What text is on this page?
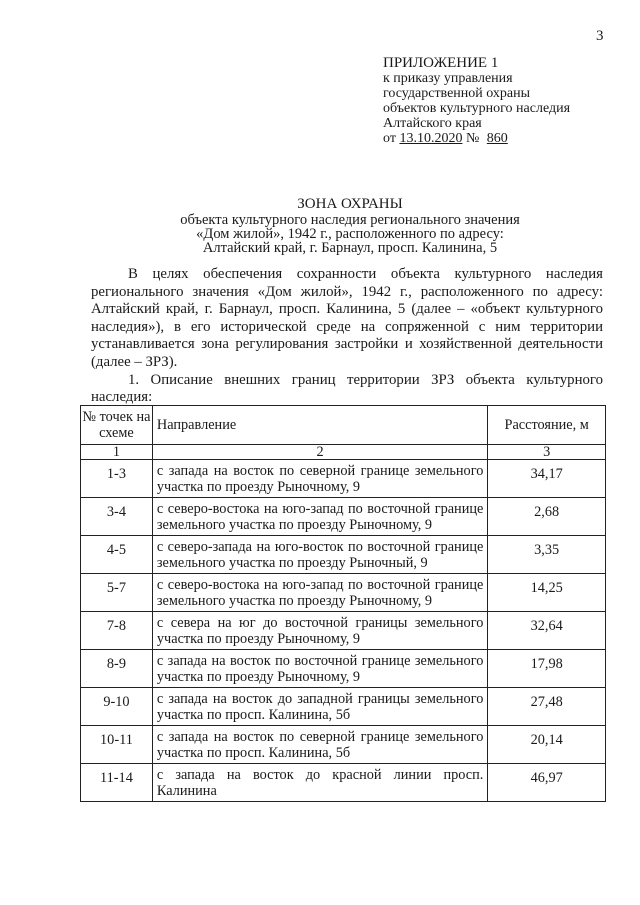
3
ПРИЛОЖЕНИЕ 1
к приказу управления
государственной охраны
объектов культурного наследия
Алтайского края
от 13.10.2020 № 860
ЗОНА ОХРАНЫ
объекта культурного наследия регионального значения
«Дом жилой», 1942 г., расположенного по адресу:
Алтайский край, г. Барнаул, просп. Калинина, 5

В целях обеспечения сохранности объекта культурного наследия регионального значения «Дом жилой», 1942 г., расположенного по адресу: Алтайский край, г. Барнаул, просп. Калинина, 5 (далее – «объект культурного наследия»), в его исторической среде на сопряженной с ним территории устанавливается зона регулирования застройки и хозяйственной деятельности (далее – ЗРЗ).

1. Описание внешних границ территории ЗРЗ объекта культурного наследия:

№ точек на схеме	Направление	Расстояние, м
1	2	3
1-3	с запада на восток по северной границе земельного участка по проезду Рыночному, 9	34,17
3-4	с северо-востока на юго-запад по восточной границе земельного участка по проезду Рыночному, 9	2,68
4-5	с северо-запада на юго-восток по восточной границе земельного участка по проезду Рыночный, 9	3,35
5-7	с северо-востока на юго-запад по восточной границе земельного участка по проезду Рыночному, 9	14,25
7-8	с севера на юг до восточной границы земельного участка по проезду Рыночному, 9	32,64
8-9	с запада на восток по восточной границе земельного участка по проезду Рыночному, 9	17,98
9-10	с запада на восток до западной границы земельного участка по просп. Калинина, 5б	27,48
10-11	с запада на восток по северной границе земельного участка по просп. Калинина, 5б	20,14
11-14	с запада на восток до красной линии просп. Калинина	46,97
